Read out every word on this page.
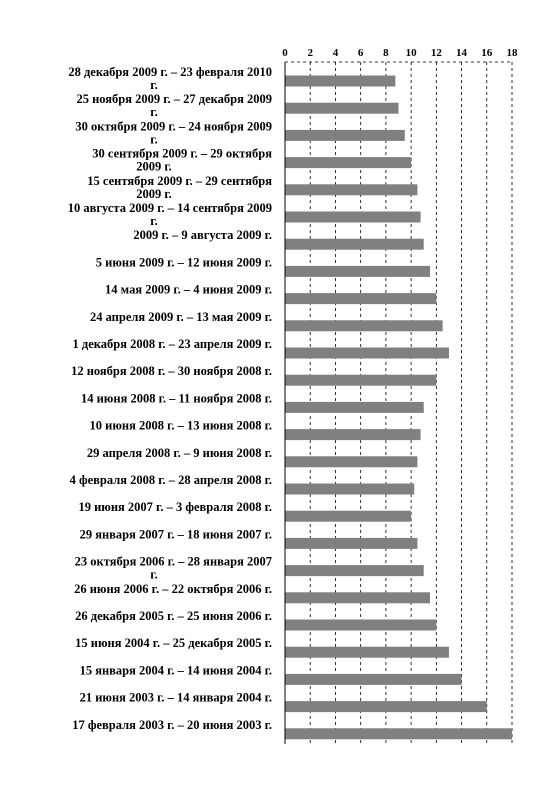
0 2 4 6 8 10 12 14 16 18
28 декабря 2009 г. – 23 февраля 2010 г.
25 ноября 2009 г. – 27 декабря 2009 г.
30 октября 2009 г. – 24 ноября 2009 г.
30 сентября 2009 г. – 29 октября 2009 г.
15 сентября 2009 г. – 29 сентября 2009 г.
10 августа 2009 г. – 14 сентября 2009 г.
2009 г. – 9 августа 2009 г.
5 июня 2009 г. – 12 июня 2009 г.
14 мая 2009 г. – 4 июня 2009 г.
24 апреля 2009 г. – 13 мая 2009 г.
1 декабря 2008 г. – 23 апреля 2009 г.
12 ноября 2008 г. – 30 ноября 2008 г.
14 июня 2008 г. – 11 ноября 2008 г.
10 июня 2008 г. – 13 июня 2008 г.
29 апреля 2008 г. – 9 июня 2008 г.
4 февраля 2008 г. – 28 апреля 2008 г.
19 июня 2007 г. – 3 февраля 2008 г.
29 января 2007 г. – 18 июня 2007 г.
23 октября 2006 г. – 28 января 2007 г.
26 июня 2006 г. – 22 октября 2006 г.
26 декабря 2005 г. – 25 июня 2006 г.
15 июня 2004 г. – 25 декабря 2005 г.
15 января 2004 г. – 14 июня 2004 г.
21 июня 2003 г. – 14 января 2004 г.
17 февраля 2003 г. – 20 июня 2003 г.
